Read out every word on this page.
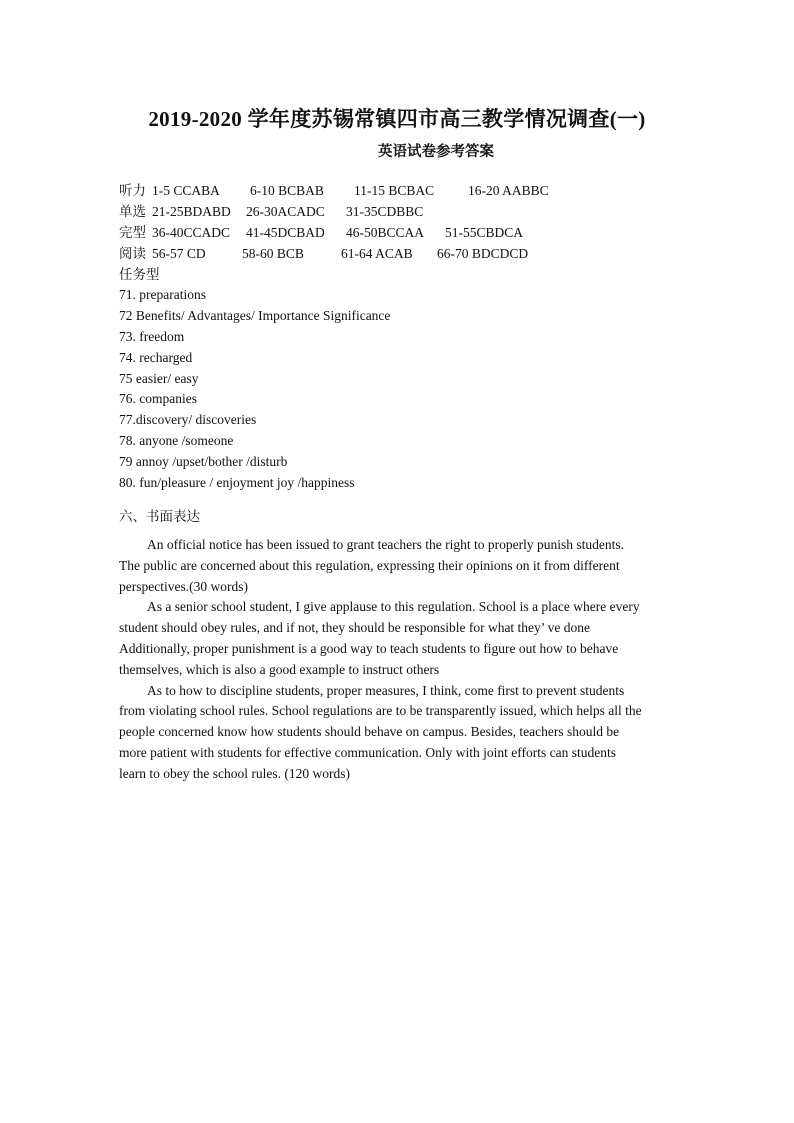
2019-2020 学年度苏锡常镇四市高三教学情况调查(一)
英语试卷参考答案
听力 1-5 CCABA 6-10 BCBAB 11-15 BCBAC	16-20 AABBC
单选 21-25BDABD 26-30ACADC 31-35CDBBC
完型 36-40CCADC 41-45DCBAD 46-50BCCAA 51-55CBDCA
阅读 56-57 CD	58-60 BCB	61-64 ACAB 66-70 BDCDCD
任务型
71. preparations
72 Benefits/ Advantages/ Importance Significance
73. freedom
74. recharged
75 easier/ easy
76. companies
77.discovery/ discoveries
78. anyone /someone
79 annoy /upset/bother /disturb
80. fun/pleasure / enjoyment joy /happiness
六、书面表达

An official notice has been issued to grant teachers the right to properly punish students.
The public are concerned about this regulation, expressing their opinions on it from different
perspectives.(30 words)

As a senior school student, I give applause to this regulation. School is a place where every
student should obey rules, and if not, they should be responsible for what they’ ve done
Additionally, proper punishment is a good way to teach students to figure out how to behave
themselves, which is also a good example to instruct others

As to how to discipline students, proper measures, I think, come first to prevent students
from violating school rules. School regulations are to be transparently issued, which helps all the
people concerned know how students should behave on campus. Besides, teachers should be
more patient with students for effective communication. Only with joint efforts can students
learn to obey the school rules. (120 words)
